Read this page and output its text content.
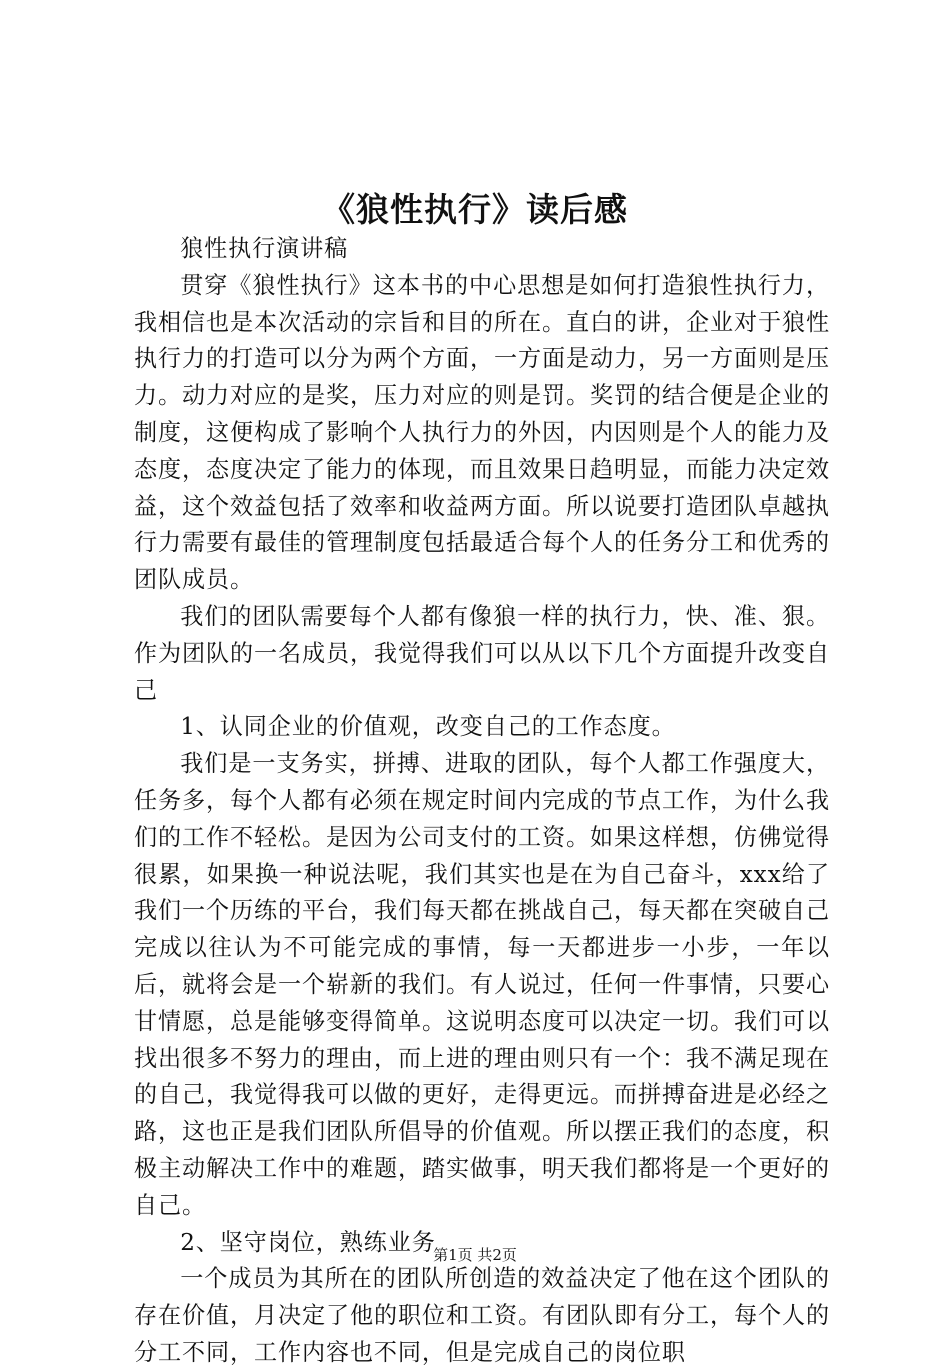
《狼性执行》读后感

狼性执行演讲稿

贯穿《狼性执行》这本书的中心思想是如何打造狼性执行力，我相信也是本次活动的宗旨和目的所在。直白的讲，企业对于狼性执行力的打造可以分为两个方面，一方面是动力，另一方面则是压力。动力对应的是奖，压力对应的则是罚。奖罚的结合便是企业的制度，这便构成了影响个人执行力的外因，内因则是个人的能力及态度，态度决定了能力的体现，而且效果日趋明显，而能力决定效益，这个效益包括了效率和收益两方面。所以说要打造团队卓越执行力需要有最佳的管理制度包括最适合每个人的任务分工和优秀的团队成员。

我们的团队需要每个人都有像狼一样的执行力，快、准、狠。作为团队的一名成员，我觉得我们可以从以下几个方面提升改变自己

1、认同企业的价值观，改变自己的工作态度。

我们是一支务实，拼搏、进取的团队，每个人都工作强度大，任务多，每个人都有必须在规定时间内完成的节点工作，为什么我们的工作不轻松。是因为公司支付的工资。如果这样想，仿佛觉得很累，如果换一种说法呢，我们其实也是在为自己奋斗，xxx给了我们一个历练的平台，我们每天都在挑战自己，每天都在突破自己完成以往认为不可能完成的事情，每一天都进步一小步，一年以后，就将会是一个崭新的我们。有人说过，任何一件事情，只要心甘情愿，总是能够变得简单。这说明态度可以决定一切。我们可以找出很多不努力的理由，而上进的理由则只有一个：我不满足现在的自己，我觉得我可以做的更好，走得更远。而拼搏奋进是必经之路，这也正是我们团队所倡导的价值观。所以摆正我们的态度，积极主动解决工作中的难题，踏实做事，明天我们都将是一个更好的自己。

2、坚守岗位，熟练业务

一个成员为其所在的团队所创造的效益决定了他在这个团队的存在价值，月决定了他的职位和工资。有团队即有分工，每个人的分工不同，工作内容也不同，但是完成自己的岗位职

第1页 共2页
